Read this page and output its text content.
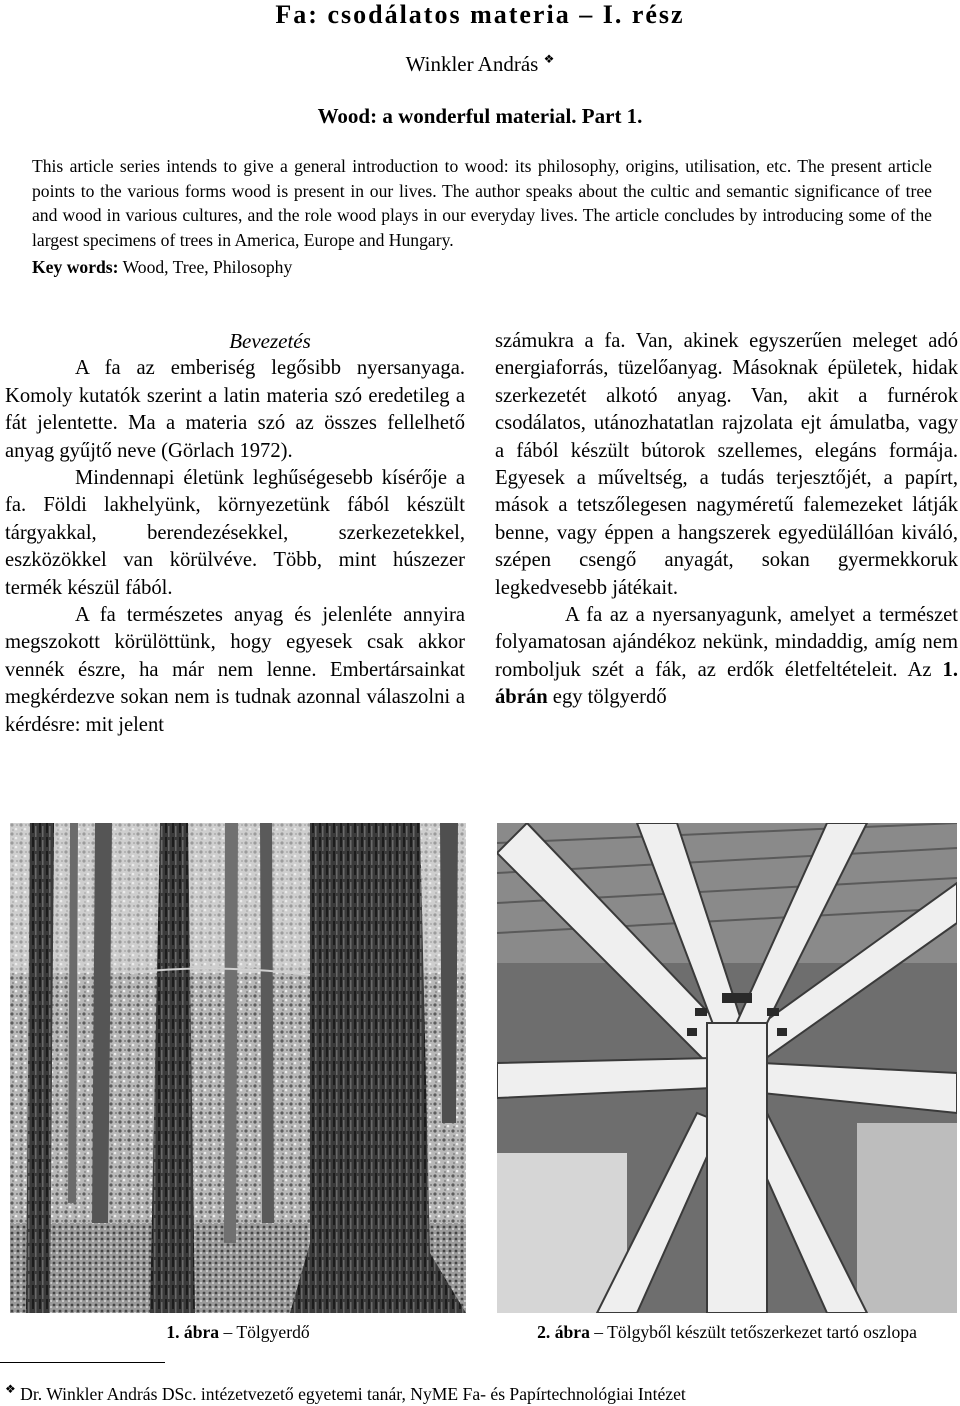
Fa: csodálatos materia – I. rész
Winkler András ❖
Wood: a wonderful material. Part 1.
This article series intends to give a general introduction to wood: its philosophy, origins, utilisation, etc. The present article points to the various forms wood is present in our lives. The author speaks about the cultic and semantic significance of tree and wood in various cultures, and the role wood plays in our everyday lives. The article concludes by introducing some of the largest specimens of trees in America, Europe and Hungary.
Key words: Wood, Tree, Philosophy

Bevezetés

A fa az emberiség legősibb nyersanyaga. Komoly kutatók szerint a latin materia szó eredetileg a fát jelentette. Ma a materia szó az összes fellelhető anyag gyűjtő neve (Görlach 1972).

Mindennapi életünk leghűségesebb kísérője a fa. Földi lakhelyünk, környezetünk fából készült tárgyakkal, berendezésekkel, szerkezetekkel, eszközökkel van körülvéve. Több, mint húszezer termék készül fából.

A fa természetes anyag és jelenléte annyira megszokott körülöttünk, hogy egyesek csak akkor vennék észre, ha már nem lenne. Embertársainkat megkérdezve sokan nem is tudnak azonnal válaszolni a kérdésre: mit jelent

számukra a fa. Van, akinek egyszerűen meleget adó energiaforrás, tüzelőanyag. Másoknak épületek, hidak szerkezetét alkotó anyag. Van, akit a furnérok csodálatos, utánozhatatlan rajzolata ejt ámulatba, vagy a fából készült bútorok szellemes, elegáns formája. Egyesek a műveltség, a tudás terjesztőjét, a papírt, mások a tetszőlegesen nagyméretű falemezeket látják benne, vagy éppen a hangszerek egyedülállóan kiváló, szépen csengő anyagát, sokan gyermekkoruk legkedvesebb játékait.

A fa az a nyersanyagunk, amelyet a természet folyamatosan ajándékoz nekünk, mindaddig, amíg nem romboljuk szét a fák, az erdők életfeltételeit. Az 1. ábrán egy tölgyerdő

1. ábra – Tölgyerdő	2. ábra – Tölgyből készült tetőszerkezet tartó oszlopa
❖ Dr. Winkler András DSc. intézetvezető egyetemi tanár, NyME Fa- és Papírtechnológiai Intézet
